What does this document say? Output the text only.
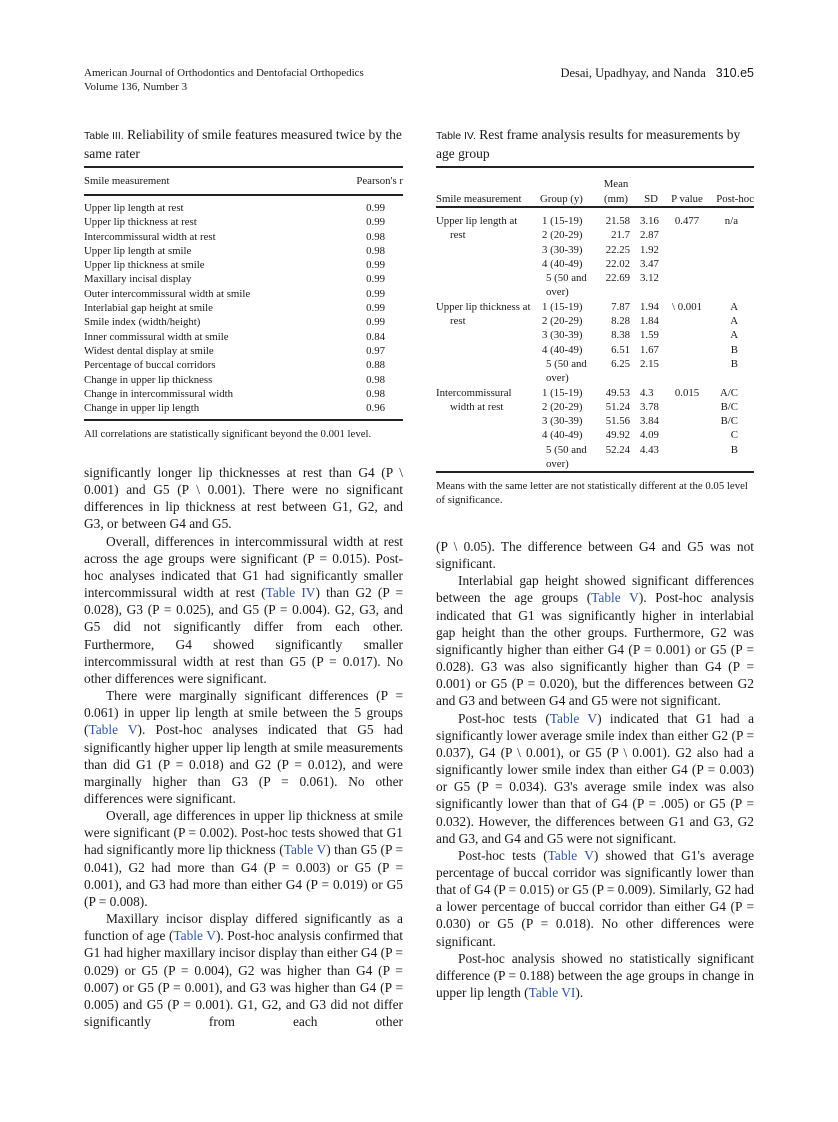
American Journal of Orthodontics and Dentofacial Orthopedics
Volume 136, Number 3
Desai, Upadhyay, and Nanda 310.e5
Table III. Reliability of smile features measured twice by the same rater
Smile measurement	Pearson's r
Upper lip length at rest	0.99
Upper lip thickness at rest	0.99
Intercommissural width at rest	0.98
Upper lip length at smile	0.98
Upper lip thickness at smile	0.99
Maxillary incisal display	0.99
Outer intercommissural width at smile	0.99
Interlabial gap height at smile	0.99
Smile index (width/height)	0.99
Inner commissural width at smile	0.84
Widest dental display at smile	0.97
Percentage of buccal corridors	0.88
Change in upper lip thickness	0.98
Change in intercommissural width	0.98
Change in upper lip length	0.96
All correlations are statistically significant beyond the 0.001 level.
Table IV. Rest frame analysis results for measurements by age group
Smile measurement	Group (y)	Mean (mm)	SD	P value	Post-hoc
Upper lip length at rest	1 (15-19)	21.58	3.16	0.477	n/a
	2 (20-29)	21.7	2.87		
	3 (30-39)	22.25	1.92		
	4 (40-49)	22.02	3.47		
	5 (50 and over)	22.69	3.12		
Upper lip thickness at rest	1 (15-19)	7.87	1.94	\ 0.001	A
	2 (20-29)	8.28	1.84		A
	3 (30-39)	8.38	1.59		A
	4 (40-49)	6.51	1.67		B
	5 (50 and over)	6.25	2.15		B
Intercommissural width at rest	1 (15-19)	49.53	4.3	0.015	A/C
	2 (20-29)	51.24	3.78		B/C
	3 (30-39)	51.56	3.84		B/C
	4 (40-49)	49.92	4.09		C
	5 (50 and over)	52.24	4.43		B
Means with the same letter are not statistically different at the 0.05 level of significance.

significantly longer lip thicknesses at rest than G4 (P \ 0.001) and G5 (P \ 0.001). There were no significant differences in lip thickness at rest between G1, G2, and G3, or between G4 and G5.

Overall, differences in intercommissural width at rest across the age groups were significant (P = 0.015). Post-hoc analyses indicated that G1 had significantly smaller intercommissural width at rest (Table IV) than G2 (P = 0.028), G3 (P = 0.025), and G5 (P = 0.004). G2, G3, and G5 did not significantly differ from each other. Furthermore, G4 showed significantly smaller intercommissural width at rest than G5 (P = 0.017). No other differences were significant.

There were marginally significant differences (P = 0.061) in upper lip length at smile between the 5 groups (Table V). Post-hoc analyses indicated that G5 had significantly higher upper lip length at smile measurements than did G1 (P = 0.018) and G2 (P = 0.012), and were marginally higher than G3 (P = 0.061). No other differences were significant.

Overall, age differences in upper lip thickness at smile were significant (P = 0.002). Post-hoc tests showed that G1 had significantly more lip thickness (Table V) than G5 (P = 0.041), G2 had more than G4 (P = 0.003) or G5 (P = 0.001), and G3 had more than either G4 (P = 0.019) or G5 (P = 0.008).

Maxillary incisor display differed significantly as a function of age (Table V). Post-hoc analysis confirmed that G1 had higher maxillary incisor display than either G4 (P = 0.029) or G5 (P = 0.004), G2 was higher than G4 (P = 0.007) or G5 (P = 0.001), and G3 was higher than G4 (P = 0.005) and G5 (P = 0.001). G1, G2, and G3 did not differ significantly from each other

(P \ 0.05). The difference between G4 and G5 was not significant.

Interlabial gap height showed significant differences between the age groups (Table V). Post-hoc analysis indicated that G1 was significantly higher in interlabial gap height than the other groups. Furthermore, G2 was significantly higher than either G4 (P = 0.001) or G5 (P = 0.028). G3 was also significantly higher than G4 (P = 0.001) or G5 (P = 0.020), but the differences between G2 and G3 and between G4 and G5 were not significant.

Post-hoc tests (Table V) indicated that G1 had a significantly lower average smile index than either G2 (P = 0.037), G4 (P \ 0.001), or G5 (P \ 0.001). G2 also had a significantly lower smile index than either G4 (P = 0.003) or G5 (P = 0.034). G3's average smile index was also significantly lower than that of G4 (P = .005) or G5 (P = 0.032). However, the differences between G1 and G3, G2 and G3, and G4 and G5 were not significant.

Post-hoc tests (Table V) showed that G1's average percentage of buccal corridor was significantly lower than that of G4 (P = 0.015) or G5 (P = 0.009). Similarly, G2 had a lower percentage of buccal corridor than either G4 (P = 0.030) or G5 (P = 0.018). No other differences were significant.

Post-hoc analysis showed no statistically significant difference (P = 0.188) between the age groups in change in upper lip length (Table VI).
